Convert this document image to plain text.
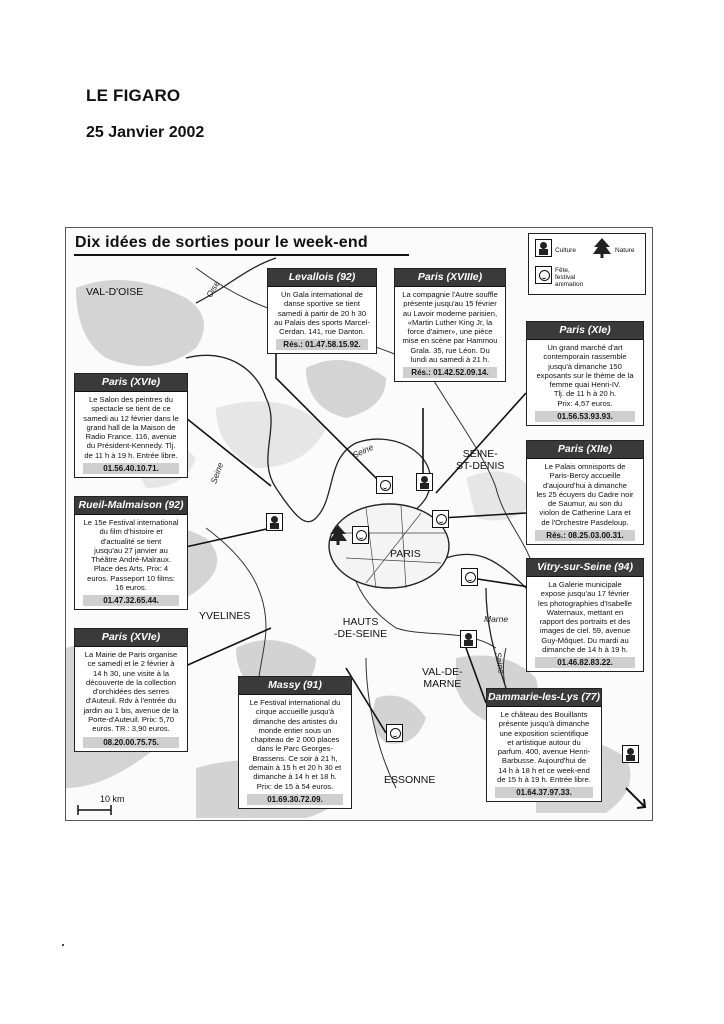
LE FIGARO
25 Janvier 2002
Dix idées de sorties pour le week-end	Culture	Nature
Fête,
festival
animation
VAL-D'OISE
SEINE-
ST-DENIS
PARIS
YVELINES	HAUTS
-DE-SEINE
VAL-DE-
MARNE
ESSONNE
Oise
Seine
Seine
Marne
Seine
10 km
Levallois (92)
Un Gala international de
danse sportive se tient
samedi à partir de 20 h 30
au Palais des sports Marcel-
Cerdan. 141, rue Danton.
Rés.: 01.47.58.15.92.
Paris (XVIIIe)
La compagnie l'Autre souffle
présente jusqu'au 15 février
au Lavoir moderne parisien,
«Martin Luther King Jr, la
force d'aimer», une pièce
mise en scène par Hammou
Grala. 35, rue Léon. Du
lundi au samedi à 21 h.
Rés.: 01.42.52.09.14.
Paris (XIe)
Un grand marché d'art
contemporain rassemble
jusqu'à dimanche 150
exposants sur le thème de la
femme quai Henri-IV.
Tlj. de 11 h à 20 h.
Prix: 4,57 euros.
01.56.53.93.93.
Paris (XVIe)
Le Salon des peintres du
spectacle se tient de ce
samedi au 12 février dans le
grand hall de la Maison de
Radio France. 116, avenue
du Président-Kennedy. Tlj.
de 11 h à 19 h. Entrée libre.
01.56.40.10.71.
Paris (XIIe)
Le Palais omnisports de
Paris-Bercy accueille
d'aujourd'hui à dimanche
les 25 écuyers du Cadre noir
de Saumur, au son du
violon de Catherine Lara et
de l'Orchestre Pasdeloup.
Rés.: 08.25.03.00.31.
Rueil-Malmaison (92)
Le 15e Festival international
du film d'histoire et
d'actualité se tient
jusqu'au 27 janvier au
Théâtre André-Malraux.
Place des Arts. Prix: 4
euros. Passeport 10 films:
16 euros.
01.47.32.65.44.
Vitry-sur-Seine (94)
La Galerie municipale
expose jusqu'au 17 février
les photographies d'Isabelle
Waternaux, mettant en
rapport des portraits et des
images de ciel. 59, avenue
Guy-Môquet. Du mardi au
dimanche de 14 h à 19 h.
01.46.82.83.22.
Paris (XVIe)
La Mairie de Paris organise
ce samedi et le 2 février à
14 h 30, une visite à la
découverte de la collection
d'orchidées des serres
d'Auteuil. Rdv à l'entrée du
jardin au 1 bis, avenue de la
Porte-d'Auteuil. Prix: 5,70
euros. TR.: 3,90 euros.
08.20.00.75.75.
Massy (91)
Le Festival international du
cirque accueille jusqu'à
dimanche des artistes du
monde entier sous un
chapiteau de 2 000 places
dans le Parc Georges-
Brassens. Ce soir à 21 h,
demain à 15 h et 20 h 30 et
dimanche à 14 h et 18 h.
Prix: de 15 à 54 euros.
01.69.30.72.09.
Dammarie-les-Lys (77)
Le château des Bouillants
présente jusqu'à dimanche
une exposition scientifique
et artistique autour du
parfum. 400, avenue Henri-
Barbusse. Aujourd'hui de
14 h à 18 h et ce week-end
de 15 h à 19 h. Entrée libre.
01.64.37.97.33.
